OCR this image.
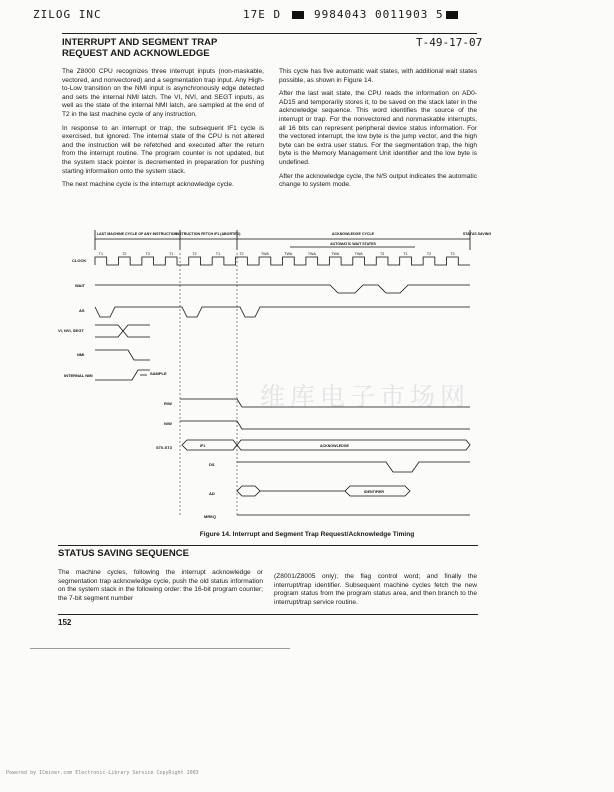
ZILOG INC	17E D	9984043 0011903 5
INTERRUPT AND SEGMENT TRAP
REQUEST AND ACKNOWLEDGE
T-49-17-07

The Z8000 CPU recognizes three interrupt inputs (non-maskable, vectored, and nonvectored) and a segmentation trap input. Any High-to-Low transition on the NMI input is asynchronously edge detected and sets the internal NMI latch. The VI, NVI, and SEGT inputs, as well as the state of the internal NMI latch, are sampled at the end of T2 in the last machine cycle of any instruction.

In response to an interrupt or trap, the subsequent IF1 cycle is exercised, but ignored. The internal state of the CPU is not altered and the instruction will be refetched and executed after the return from the interrupt routine. The program counter is not updated, but the system stack pointer is decremented in preparation for pushing starting information onto the system stack.

The next machine cycle is the interrupt acknowledge cycle.

This cycle has five automatic wait states, with additional wait states possible, as shown in Figure 14.

After the last wait state, the CPU reads the information on AD0-AD15 and temporarily stores it, to be saved on the stack later in the acknowledge sequence. This word identifies the source of the interrupt or trap. For the nonvectored and nonmaskable interrupts, all 16 bits can represent peripheral device status information. For the vectored interrupt, the low byte is the jump vector, and the high byte can be extra user status. For the segmentation trap, the high byte is the Memory Management Unit identifier and the low byte is undefined.

After the acknowledge cycle, the N/S output indicates the automatic change to system mode.

LAST MACHINE CYCLE OF ANY INSTRUCTION
INSTRUCTION FETCH IF1 (ABORTED)	ACKNOWLEDGE CYCLE
AUTOMATIC WAIT STATES
STATUS SAVING
T1	T2	T3	T1	T2	T1	T2	TWA	TWA	TWA	TWA	TWA	T3	T1	T2	T3
CLOCK
WAIT
AS
VI, NVI, SEGT
NMI
INTERNAL NMI
R/W
N/W
ST0-ST3
DS
AD
MREQ
SAMPLE
IF1	ACKNOWLEDGE
IDENTIFIER
维库电子市场网
Figure 14. Interrupt and Segment Trap Request/Acknowledge Timing
STATUS SAVING SEQUENCE
The machine cycles, following the interrupt acknowledge or segmentation trap acknowledge cycle, push the old status information on the system stack in the following order: the 16-bit program counter; the 7-bit segment number
(Z8001/Z8005 only); the flag control word; and finally the interrupt/trap identifier. Subsequent machine cycles fetch the new program status from the program status area, and then branch to the interrupt/trap service routine.
152
Powered by ICminer.com Electronic-Library Service CopyRight 2003
